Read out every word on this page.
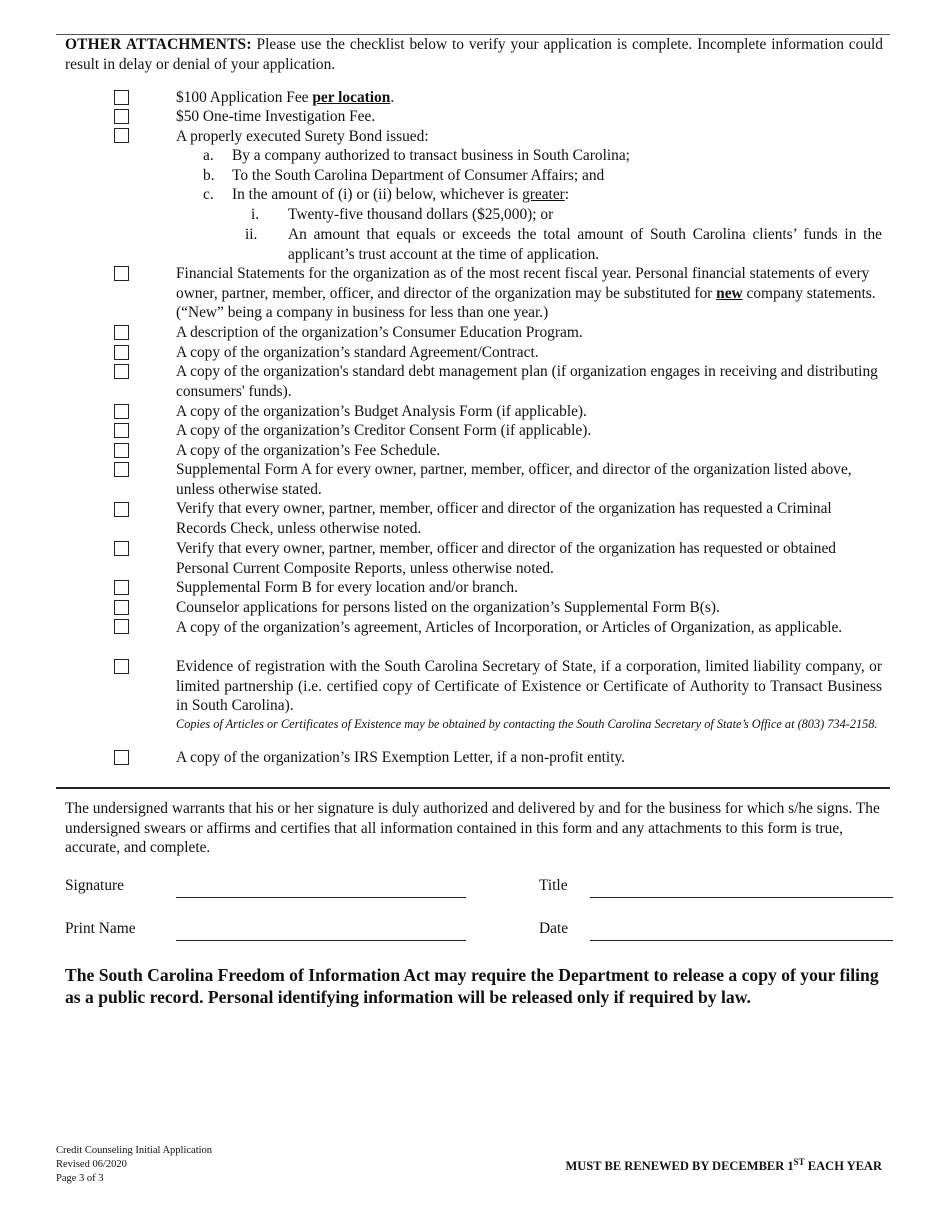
OTHER ATTACHMENTS: Please use the checklist below to verify your application is complete. Incomplete information could result in delay or denial of your application.
$100 Application Fee per location.
$50 One-time Investigation Fee.
A properly executed Surety Bond issued:
a. By a company authorized to transact business in South Carolina;
b. To the South Carolina Department of Consumer Affairs; and
c. In the amount of (i) or (ii) below, whichever is greater:
i. Twenty-five thousand dollars ($25,000); or
ii. An amount that equals or exceeds the total amount of South Carolina clients’ funds in the applicant’s trust account at the time of application.
Financial Statements for the organization as of the most recent fiscal year. Personal financial statements of every owner, partner, member, officer, and director of the organization may be substituted for new company statements. (“New” being a company in business for less than one year.)
A description of the organization’s Consumer Education Program.
A copy of the organization’s standard Agreement/Contract.
A copy of the organization's standard debt management plan (if organization engages in receiving and distributing consumers' funds).
A copy of the organization’s Budget Analysis Form (if applicable).
A copy of the organization’s Creditor Consent Form (if applicable).
A copy of the organization’s Fee Schedule.
Supplemental Form A for every owner, partner, member, officer, and director of the organization listed above, unless otherwise stated.
Verify that every owner, partner, member, officer and director of the organization has requested a Criminal Records Check, unless otherwise noted.
Verify that every owner, partner, member, officer and director of the organization has requested or obtained Personal Current Composite Reports, unless otherwise noted.
Supplemental Form B for every location and/or branch.
Counselor applications for persons listed on the organization’s Supplemental Form B(s).
A copy of the organization’s agreement, Articles of Incorporation, or Articles of Organization, as applicable.
Evidence of registration with the South Carolina Secretary of State, if a corporation, limited liability company, or limited partnership (i.e. certified copy of Certificate of Existence or Certificate of Authority to Transact Business in South Carolina).
Copies of Articles or Certificates of Existence may be obtained by contacting the South Carolina Secretary of State’s Office at (803) 734-2158.
A copy of the organization’s IRS Exemption Letter, if a non-profit entity.
The undersigned warrants that his or her signature is duly authorized and delivered by and for the business for which s/he signs. The undersigned swears or affirms and certifies that all information contained in this form and any attachments to this form is true, accurate, and complete.
Signature	Title
Print Name	Date
The South Carolina Freedom of Information Act may require the Department to release a copy of your filing as a public record. Personal identifying information will be released only if required by law.
Credit Counseling Initial Application
Revised 06/2020
Page 3 of 3
MUST BE RENEWED BY DECEMBER 1ST EACH YEAR
